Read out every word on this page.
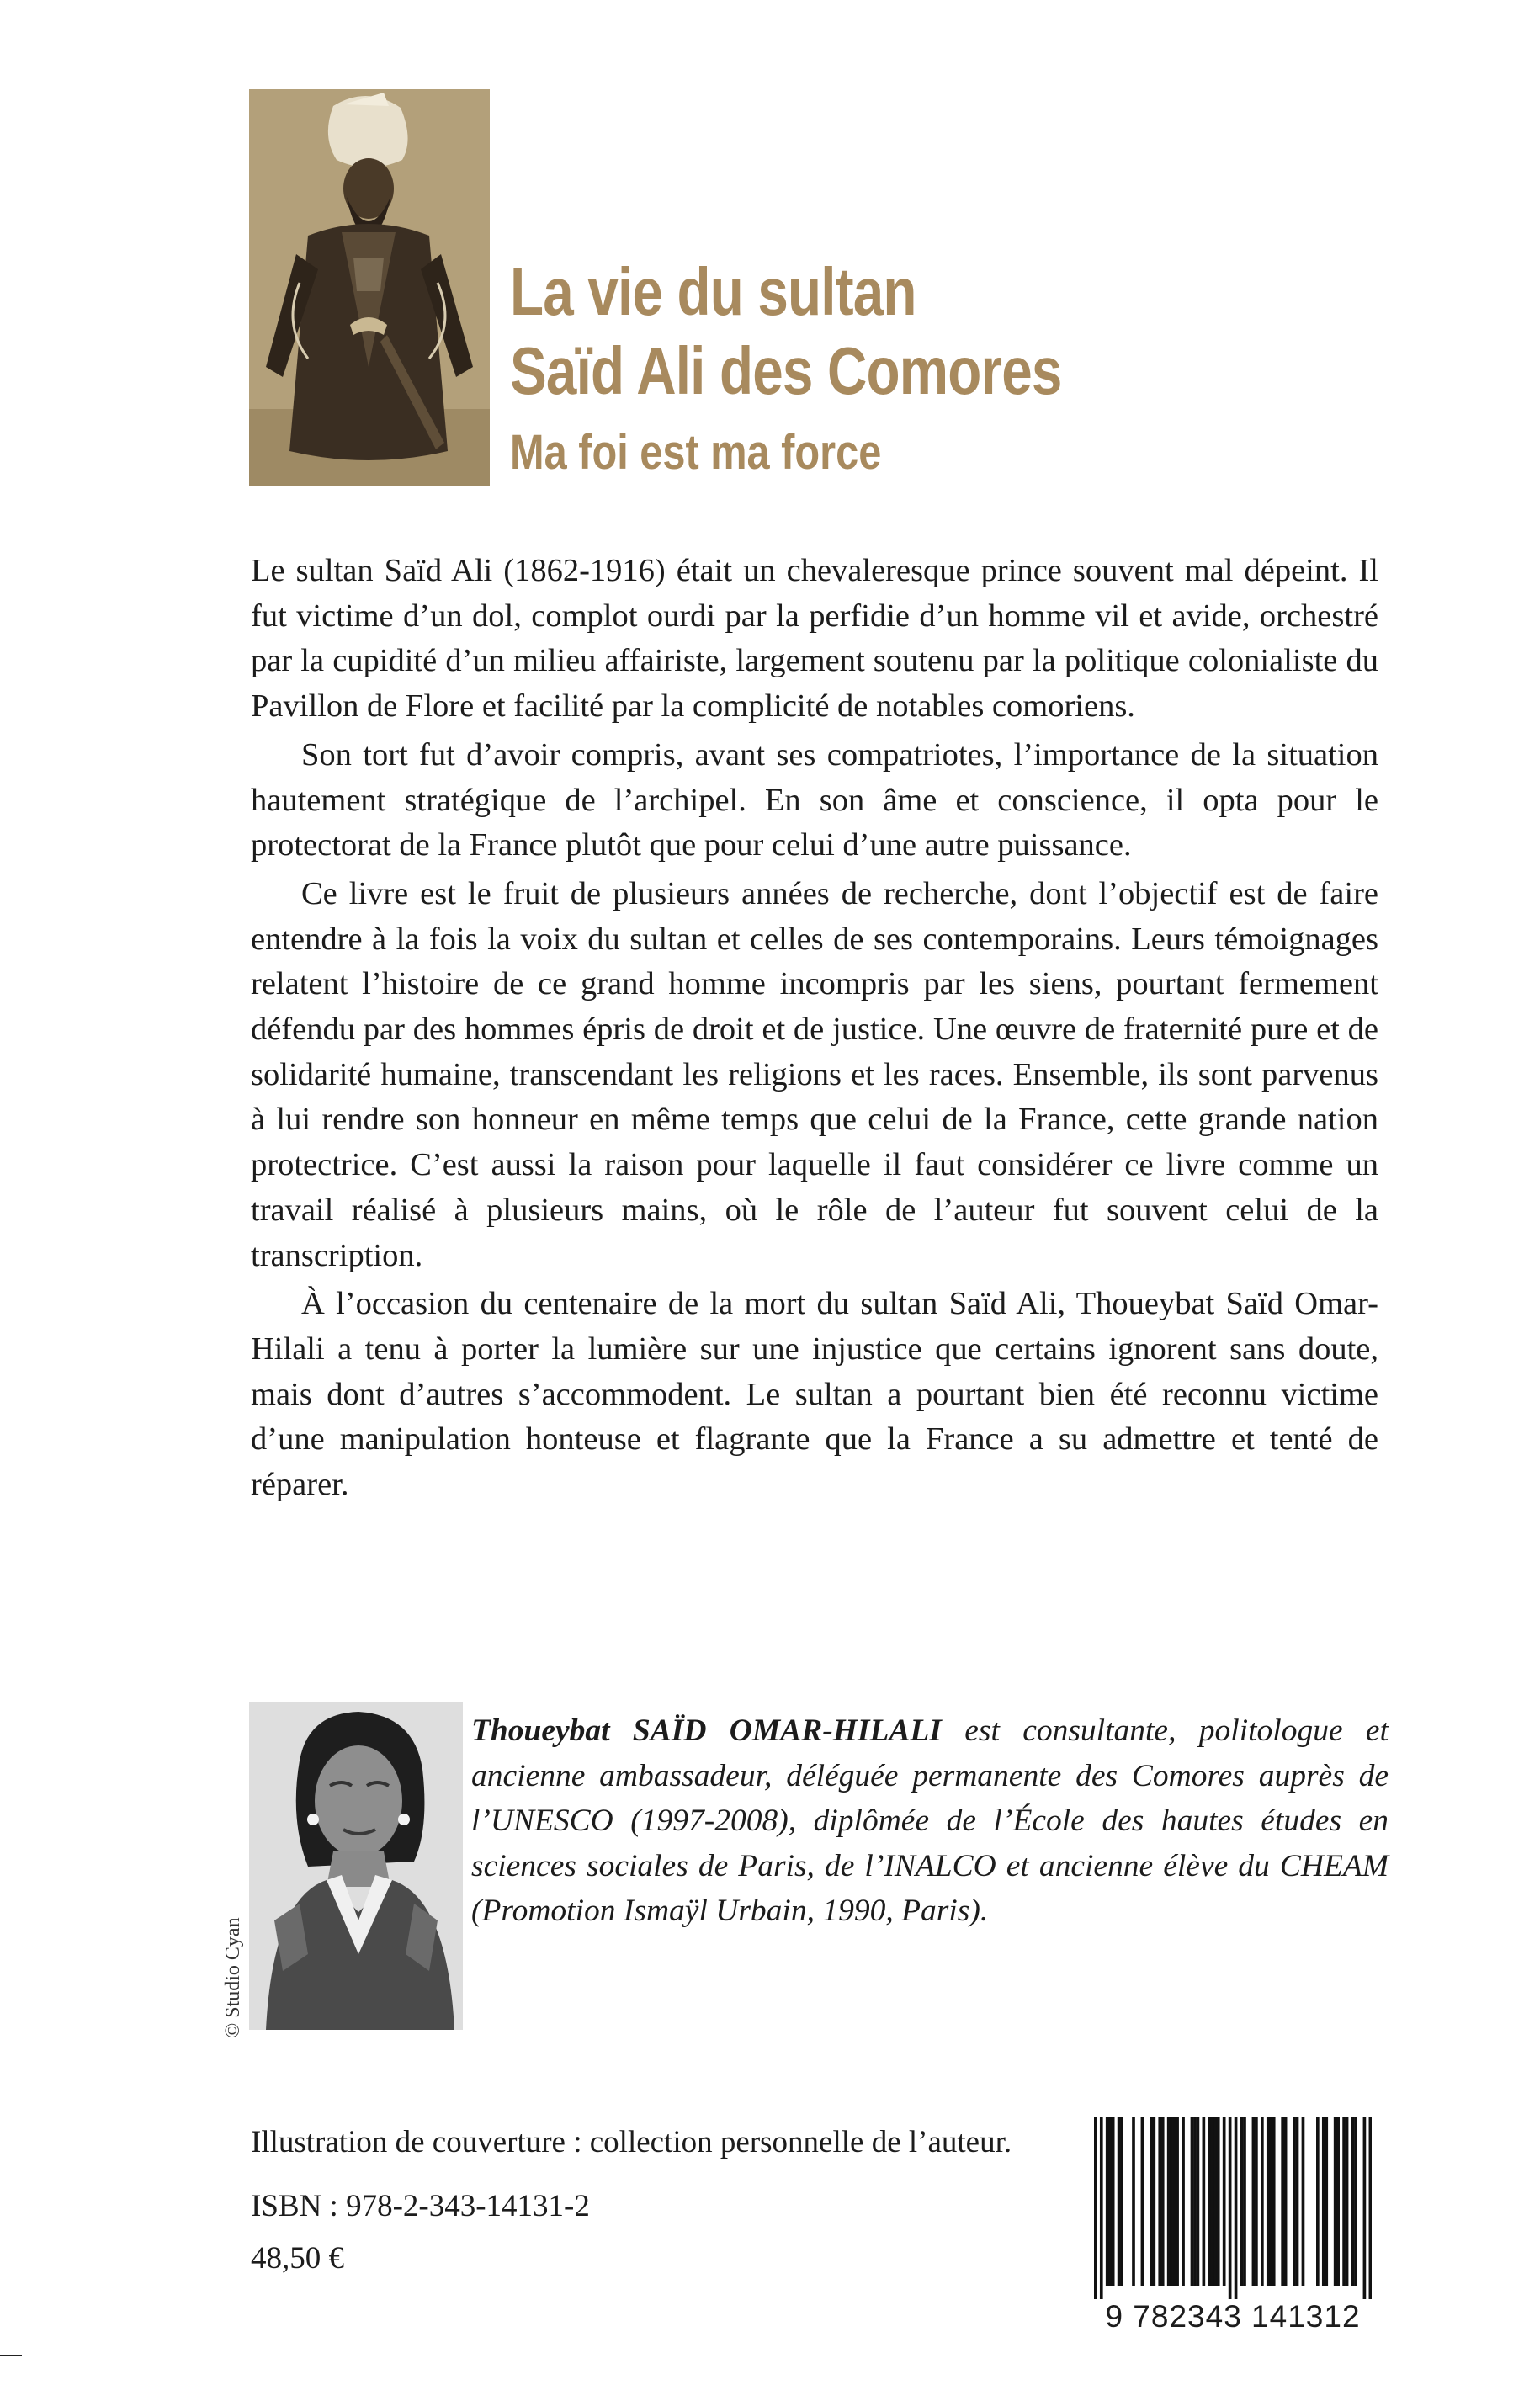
La vie du sultan
Saïd Ali des Comores
Ma foi est ma force

Le sultan Saïd Ali (1862-1916) était un chevaleresque prince souvent mal dépeint. Il fut victime d’un dol, complot ourdi par la perfidie d’un homme vil et avide, orchestré par la cupidité d’un milieu affairiste, largement soutenu par la politique colonialiste du Pavillon de Flore et facilité par la complicité de notables comoriens.

Son tort fut d’avoir compris, avant ses compatriotes, l’importance de la situation hautement stratégique de l’archipel. En son âme et conscience, il opta pour le protectorat de la France plutôt que pour celui d’une autre puissance.

Ce livre est le fruit de plusieurs années de recherche, dont l’objectif est de faire entendre à la fois la voix du sultan et celles de ses contemporains. Leurs témoignages relatent l’histoire de ce grand homme incompris par les siens, pourtant fermement défendu par des hommes épris de droit et de justice. Une œuvre de fraternité pure et de solidarité humaine, transcendant les religions et les races. Ensemble, ils sont parvenus à lui rendre son honneur en même temps que celui de la France, cette grande nation protectrice. C’est aussi la raison pour laquelle il faut considérer ce livre comme un travail réalisé à plusieurs mains, où le rôle de l’auteur fut souvent celui de la transcription.

À l’occasion du centenaire de la mort du sultan Saïd Ali, Thoueybat Saïd Omar-Hilali a tenu à porter la lumière sur une injustice que certains ignorent sans doute, mais dont d’autres s’accommodent. Le sultan a pourtant bien été reconnu victime d’une manipulation honteuse et flagrante que la France a su admettre et tenté de réparer.

© Studio Cyan
Thoueybat SAÏD OMAR-HILALI est consultante, politologue et ancienne ambassadeur, déléguée permanente des Comores auprès de l’UNESCO (1997-2008), diplômée de l’École des hautes études en sciences sociales de Paris, de l’INALCO et ancienne élève du CHEAM (Promotion Ismaÿl Urbain, 1990, Paris).
Illustration de couverture : collection personnelle de l’auteur.
ISBN : 978-2-343-14131-2
48,50 €
9 782343 141312
